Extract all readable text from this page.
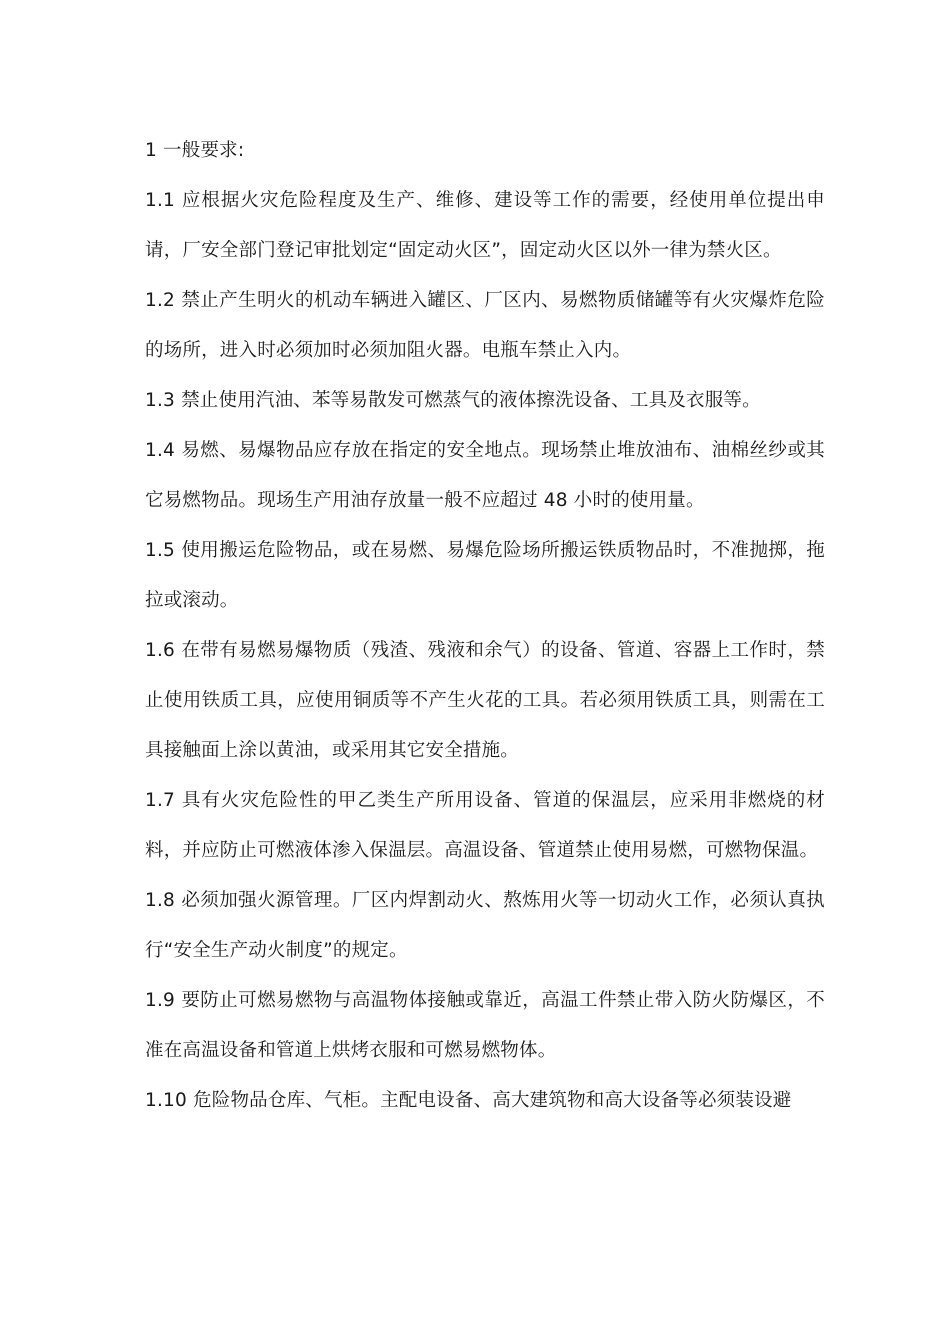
1 一般要求:

1.1 应根据火灾危险程度及生产、维修、建设等工作的需要，经使用单位提出申请，厂安全部门登记审批划定“固定动火区”，固定动火区以外一律为禁火区。

1.2 禁止产生明火的机动车辆进入罐区、厂区内、易燃物质储罐等有火灾爆炸危险的场所，进入时必须加时必须加阻火器。电瓶车禁止入内。

1.3 禁止使用汽油、苯等易散发可燃蒸气的液体擦洗设备、工具及衣服等。

1.4 易燃、易爆物品应存放在指定的安全地点。现场禁止堆放油布、油棉丝纱或其它易燃物品。现场生产用油存放量一般不应超过 48 小时的使用量。

1.5 使用搬运危险物品，或在易燃、易爆危险场所搬运铁质物品时，不准抛掷，拖拉或滚动。

1.6 在带有易燃易爆物质（残渣、残液和余气）的设备、管道、容器上工作时，禁止使用铁质工具，应使用铜质等不产生火花的工具。若必须用铁质工具，则需在工具接触面上涂以黄油，或采用其它安全措施。

1.7 具有火灾危险性的甲乙类生产所用设备、管道的保温层，应采用非燃烧的材料，并应防止可燃液体渗入保温层。高温设备、管道禁止使用易燃，可燃物保温。

1.8 必须加强火源管理。厂区内焊割动火、熬炼用火等一切动火工作，必须认真执行“安全生产动火制度”的规定。

1.9 要防止可燃易燃物与高温物体接触或靠近，高温工件禁止带入防火防爆区，不准在高温设备和管道上烘烤衣服和可燃易燃物体。

1.10 危险物品仓库、气柜。主配电设备、高大建筑物和高大设备等必须装设避
